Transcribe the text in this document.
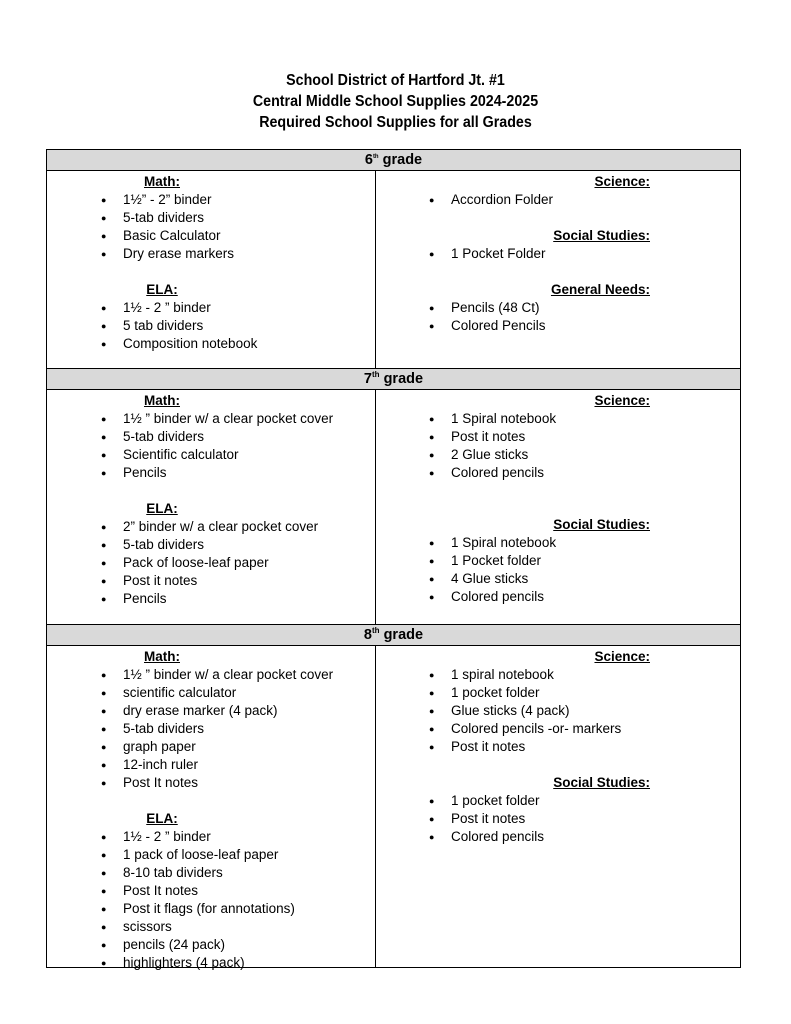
School District of Hartford Jt. #1
Central Middle School Supplies 2024-2025
Required School Supplies for all Grades
6th grade
Math:
● 1½” - 2” binder
● 5-tab dividers
● Basic Calculator
● Dry erase markers
ELA:
● 1½ - 2 ” binder
● 5 tab dividers
● Composition notebook
Science:
● Accordion Folder
Social Studies:
● 1 Pocket Folder
General Needs:
● Pencils (48 Ct)
● Colored Pencils
7th grade
Math:
● 1½ ” binder w/ a clear pocket cover
● 5-tab dividers
● Scientific calculator
● Pencils
ELA:
● 2” binder w/ a clear pocket cover
● 5-tab dividers
● Pack of loose-leaf paper
● Post it notes
● Pencils
Science:
● 1 Spiral notebook
● Post it notes
● 2 Glue sticks
● Colored pencils
Social Studies:
● 1 Spiral notebook
● 1 Pocket folder
● 4 Glue sticks
● Colored pencils
8th grade
Math:
● 1½ ” binder w/ a clear pocket cover
● scientific calculator
● dry erase marker (4 pack)
● 5-tab dividers
● graph paper
● 12-inch ruler
● Post It notes
ELA:
● 1½ - 2 ” binder
● 1 pack of loose-leaf paper
● 8-10 tab dividers
● Post It notes
● Post it flags (for annotations)
● scissors
● pencils (24 pack)
● highlighters (4 pack)
Science:
● 1 spiral notebook
● 1 pocket folder
● Glue sticks (4 pack)
● Colored pencils -or- markers
● Post it notes
Social Studies:
● 1 pocket folder
● Post it notes
● Colored pencils
